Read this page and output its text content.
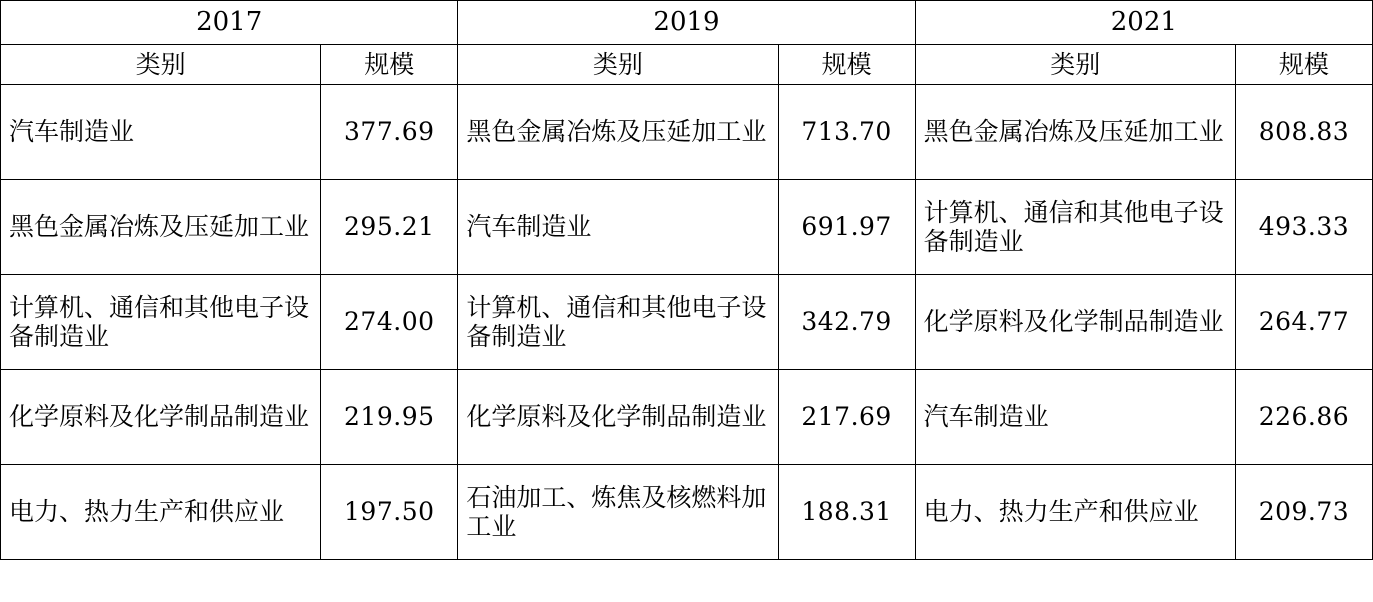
2017		2019		2021	
类别	规模	类别	规模	类别	规模
汽车制造业	377.69	黑色金属冶炼及压延加工业	713.70	黑色金属冶炼及压延加工业	808.83
黑色金属冶炼及压延加工业	295.21	汽车制造业	691.97	计算机、通信和其他电子设备制造业	493.33
计算机、通信和其他电子设备制造业	274.00	计算机、通信和其他电子设备制造业	342.79	化学原料及化学制品制造业	264.77
化学原料及化学制品制造业	219.95	化学原料及化学制品制造业	217.69	汽车制造业	226.86
电力、热力生产和供应业	197.50	石油加工、炼焦及核燃料加工业	188.31	电力、热力生产和供应业	209.73
